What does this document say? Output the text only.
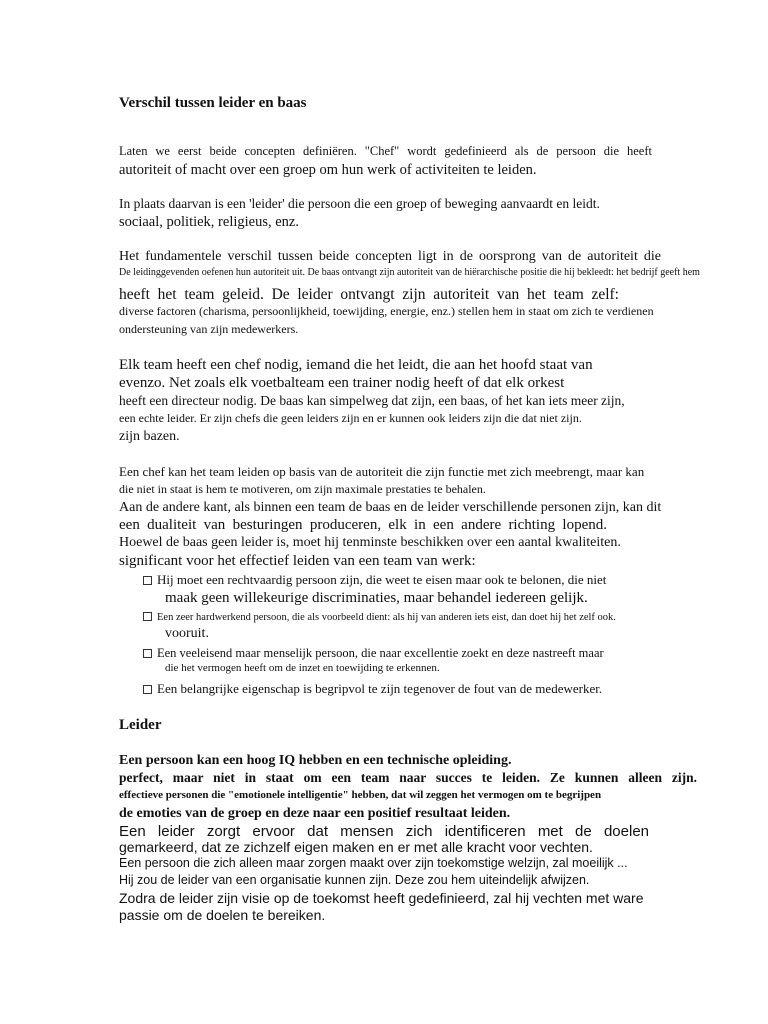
Verschil tussen leider en baas
Laten we eerst beide concepten definiëren. "Chef" wordt gedefinieerd als de persoon die heeft
autoriteit of macht over een groep om hun werk of activiteiten te leiden.
In plaats daarvan is een 'leider' die persoon die een groep of beweging aanvaardt en leidt.
sociaal, politiek, religieus, enz.
Het fundamentele verschil tussen beide concepten ligt in de oorsprong van de autoriteit die
De leidinggevenden oefenen hun autoriteit uit. De baas ontvangt zijn autoriteit van de hiërarchische positie die hij bekleedt: het bedrijf geeft hem
heeft het team geleid. De leider ontvangt zijn autoriteit van het team zelf:
diverse factoren (charisma, persoonlijkheid, toewijding, energie, enz.) stellen hem in staat om zich te verdienen
ondersteuning van zijn medewerkers.
Elk team heeft een chef nodig, iemand die het leidt, die aan het hoofd staat van
evenzo. Net zoals elk voetbalteam een trainer nodig heeft of dat elk orkest
heeft een directeur nodig. De baas kan simpelweg dat zijn, een baas, of het kan iets meer zijn,
een echte leider. Er zijn chefs die geen leiders zijn en er kunnen ook leiders zijn die dat niet zijn.
zijn bazen.
Een chef kan het team leiden op basis van de autoriteit die zijn functie met zich meebrengt, maar kan
die niet in staat is hem te motiveren, om zijn maximale prestaties te behalen.
Aan de andere kant, als binnen een team de baas en de leider verschillende personen zijn, kan dit
een dualiteit van besturingen produceren, elk in een andere richting lopend.
Hoewel de baas geen leider is, moet hij tenminste beschikken over een aantal kwaliteiten.
significant voor het effectief leiden van een team van werk:
Hij moet een rechtvaardig persoon zijn, die weet te eisen maar ook te belonen, die niet
maak geen willekeurige discriminaties, maar behandel iedereen gelijk.
Een zeer hardwerkend persoon, die als voorbeeld dient: als hij van anderen iets eist, dan doet hij het zelf ook.
vooruit.
Een veeleisend maar menselijk persoon, die naar excellentie zoekt en deze nastreeft maar
die het vermogen heeft om de inzet en toewijding te erkennen.
Een belangrijke eigenschap is begripvol te zijn tegenover de fout van de medewerker.
Leider
Een persoon kan een hoog IQ hebben en een technische opleiding.
perfect, maar niet in staat om een team naar succes te leiden. Ze kunnen alleen zijn.
effectieve personen die "emotionele intelligentie" hebben, dat wil zeggen het vermogen om te begrijpen
de emoties van de groep en deze naar een positief resultaat leiden.
Een leider zorgt ervoor dat mensen zich identificeren met de doelen
gemarkeerd, dat ze zichzelf eigen maken en er met alle kracht voor vechten.
Een persoon die zich alleen maar zorgen maakt over zijn toekomstige welzijn, zal moeilijk ...
Hij zou de leider van een organisatie kunnen zijn. Deze zou hem uiteindelijk afwijzen.
Zodra de leider zijn visie op de toekomst heeft gedefinieerd, zal hij vechten met ware
passie om de doelen te bereiken.
